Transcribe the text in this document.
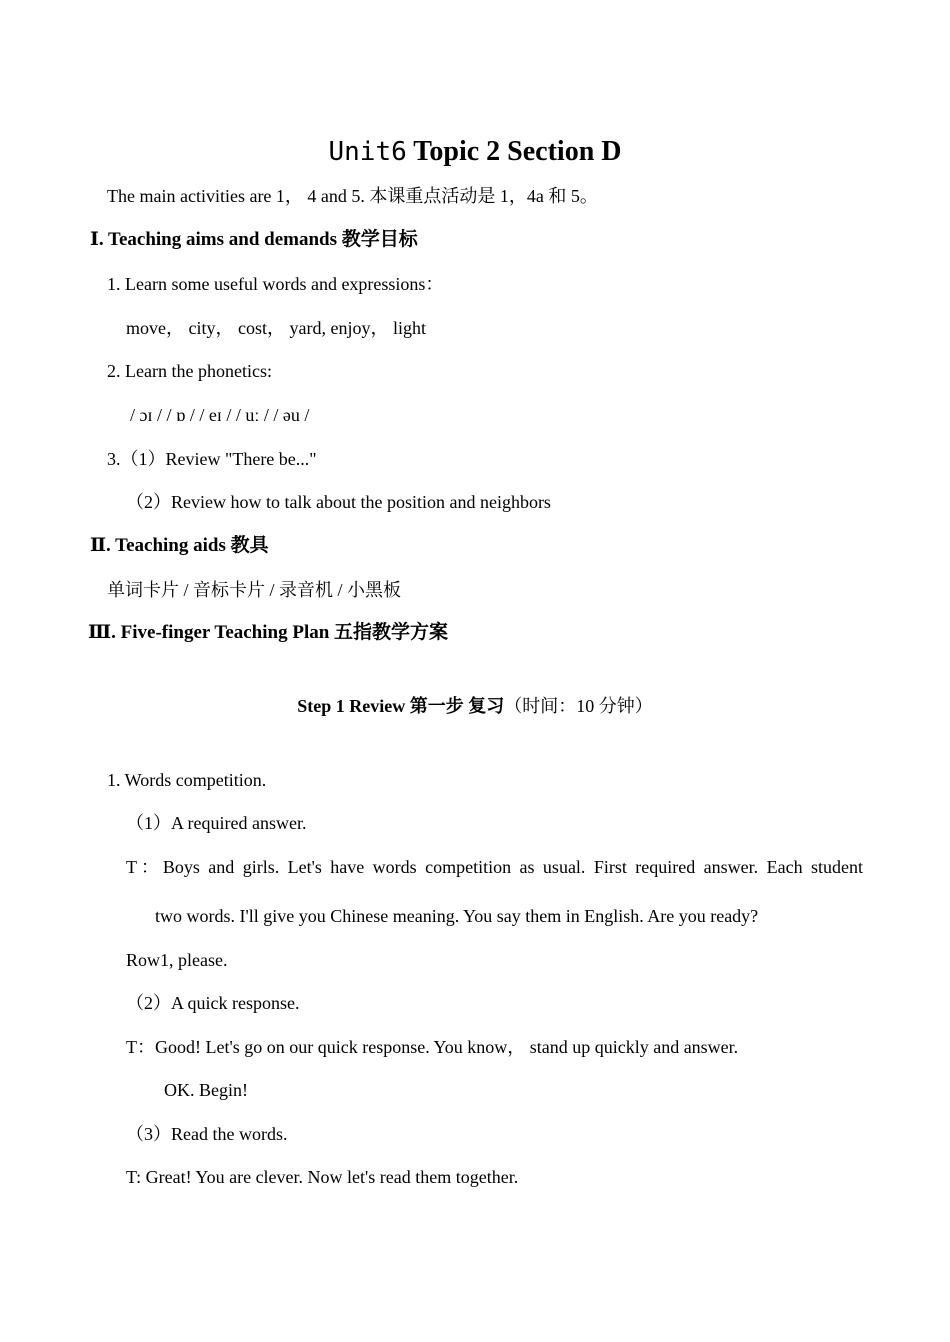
Unit6 Topic 2 Section D
The main activities are 1， 4 and 5. 本课重点活动是 1，4a 和 5。
Ⅰ. Teaching aims and demands 教学目标
1. Learn some useful words and expressions：
move， city， cost， yard, enjoy， light
2. Learn the phonetics:
/ ɔɪ / / ɒ / / eɪ / / uː / / əu /
3.（1）Review "There be..."
（2）Review how to talk about the position and neighbors
Ⅱ. Teaching aids 教具
单词卡片 / 音标卡片 / 录音机 / 小黑板
Ⅲ. Five-finger Teaching Plan 五指教学方案
Step 1 Review 第一步 复习（时间：10 分钟）
1. Words competition.
（1）A required answer.
T：Boys and girls. Let's have words competition as usual. First required answer. Each student
two words. I'll give you Chinese meaning. You say them in English. Are you ready?
Row1, please.
（2）A quick response.
T：Good! Let's go on our quick response. You know， stand up quickly and answer.
OK. Begin!
（3）Read the words.
T: Great! You are clever. Now let's read them together.
